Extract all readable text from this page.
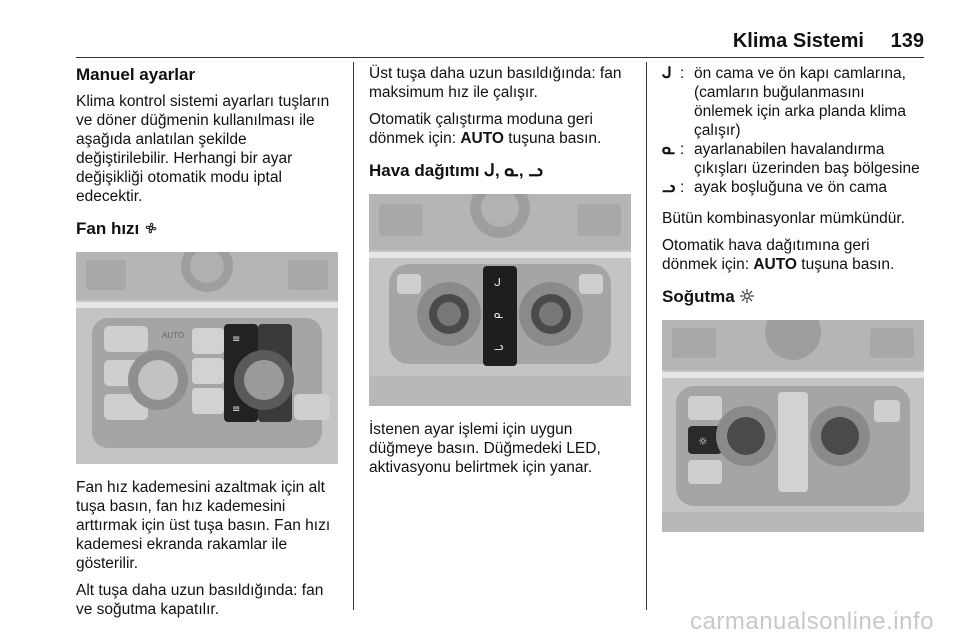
Klima Sistemi 139
Manuel ayarlar

Klima kontrol sistemi ayarları tuşların ve döner düğmenin kullanılması ile aşağıda anlatılan şekilde değiştirilebilir. Herhangi bir ayar değişikliği otomatik modu iptal edecektir.

Fan hızı
AUTO	≡
≡

Fan hız kademesini azaltmak için alt tuşa basın, fan hız kademesini arttırmak için üst tuşa basın. Fan hızı kademesi ekranda rakamlar ile gösterilir.

Alt tuşa daha uzun basıldığında: fan ve soğutma kapatılır.

Üst tuşa daha uzun basıldığında: fan maksimum hız ile çalışır.

Otomatik çalıştırma moduna geri dönmek için: AUTO tuşuna basın.

Hava dağıtımı ᒍ, ᓇ, ᓗ
ᒍ
ᓇ
ᓗ

İstenen ayar işlemi için uygun düğmeye basın. Düğmedeki LED, aktivasyonu belirtmek için yanar.

ᒍ : ön cama ve ön kapı camlarına, (camların buğulanmasını önlemek için arka planda klima çalışır)
ᓇ : ayarlanabilen havalandırma çıkışları üzerinden baş bölgesine
ᓗ : ayak boşluğuna ve ön cama

Bütün kombinasyonlar mümkündür.

Otomatik hava dağıtımına geri dönmek için: AUTO tuşuna basın.

Soğutma
☼
carmanualsonline.info
